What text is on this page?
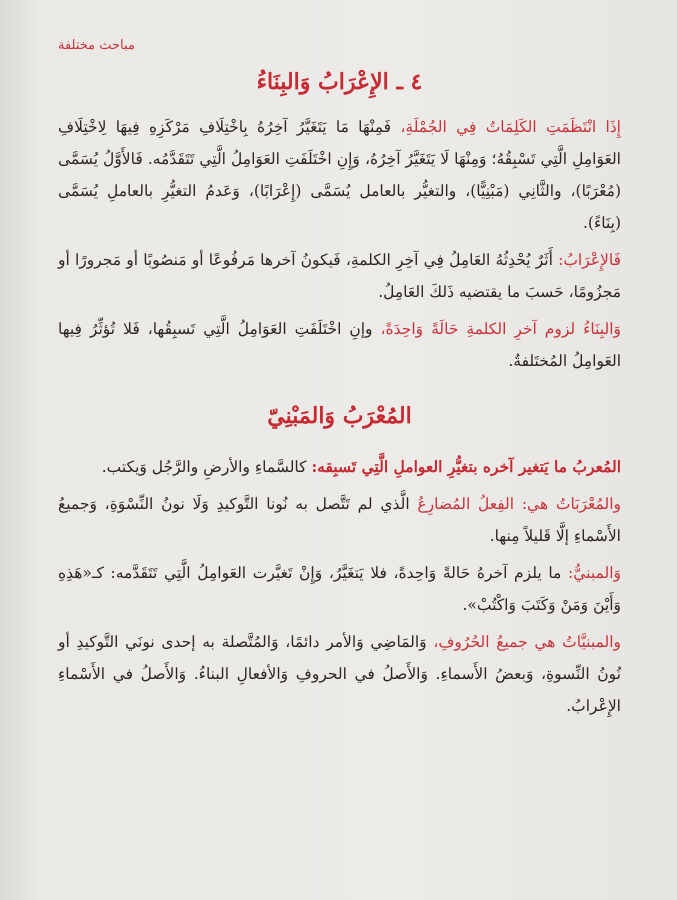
مباحث مختلفة
٤ ـ الإِعْرَابُ وَالبِنَاءُ

إِذَا انْتَظَمَتِ الكَلِمَاتُ فِي الجُمْلَةِ، فَمِنْهَا مَا يَتَغَيَّرُ آخِرُهُ بِاخْتِلَافِ مَرْكَزِهِ فِيهَا لِاخْتِلَافِ العَوَامِلِ الَّتِي تَسْبِقُهُ؛ وَمِنْهَا لَا يَتَغَيَّرُ آخِرُهُ، وَإِنِ اخْتَلَفَتِ العَوَامِلُ الَّتِي تَتَقَدَّمُه. فَالأَوَّلُ يُسَمَّى (مُعْرَبًا)، والثَّانِي (مَبْنِيًّا)، والتغيُّر بالعامل يُسَمَّى (إِعْرَابًا)، وَعَدمُ التغيُّرِ بالعاملِ يُسَمَّى (بِنَاءً).

فَالإِعْرَابُ: أَثَرٌ يُحْدِثُهُ العَامِلُ فِي آخِرِ الكلمةِ، فَيكونُ آخرها مَرفُوعًا أو مَنصُوبًا أو مَجرورًا أو مَجزُومًا، حَسبَ ما يقتضيه ذَلكَ العَامِلُ.

وَالبِنَاءُ لزوم آخرِ الكلمةِ حَالَةً وَاحِدَةً، وإنِ اخْتَلَفَتِ العَوَامِلُ الَّتِي تَسبِقُها، فَلا تُؤثِّرُ فِيها العَوامِلُ المُختَلفةُ.

المُعْرَبُ وَالمَبْنِيّ

المُعربُ ما يَتغير آخره بتغيُّرِ العواملِ الَّتِي تَسبِقه: كالسَّماءِ والأرضِ والرَّجُل وَيكتب.

والمُعْرَبَاتُ هي: الفِعلُ المُضارِعُ الَّذي لم تَتَّصل به نُونا التَّوكيدِ وَلَا نونُ النِّسْوَةِ، وَجميعُ الأَسْماءِ إلَّا قَليلاً مِنها.

وَالمبنيُّ: ما يلزم آخرهُ حَالةً وَاحِدةً، فلا يَتغَيَّرُ، وَإِنْ تَغيَّرت العَوامِلُ الَّتِي تَتَقَدَّمه: كـ«هَذِهِ وَأَيْنَ وَمَنْ وَكَتَبَ وَاكْتُبْ».

والمبنيَّاتُ هي جميعُ الحُرُوفِ، وَالمَاضِي وَالأمر دائمًا، وَالمُتَّصلة به إحدى نونَي التَّوكيدِ أو نُونُ النِّسوةِ، وَبعضُ الأَسماءِ. وَالأَصلُ في الحروفِ وَالأفعالِ البناءُ. وَالأَصلُ في الأَسْماءِ الإِعْرابُ.
